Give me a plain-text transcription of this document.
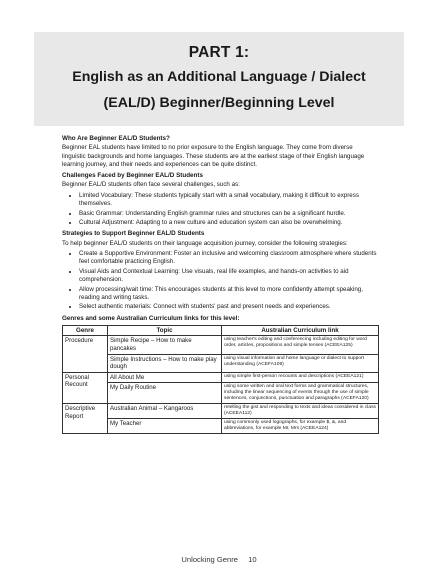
PART 1:
English as an Additional Language / Dialect
(EAL/D) Beginner/Beginning Level
Who Are Beginner EAL/D Students?
Beginner EAL students have limited to no prior exposure to the English language. They come from diverse linguistic backgrounds and home languages. These students are at the earliest stage of their English language learning journey, and their needs and experiences can be quite distinct.
Challenges Faced by Beginner EAL/D Students
Beginner EAL/D students often face several challenges, such as:
• Limited Vocabulary: These students typically start with a small vocabulary, making it difficult to express themselves.
• Basic Grammar: Understanding English grammar rules and structures can be a significant hurdle.
• Cultural Adjustment: Adapting to a new culture and education system can also be overwhelming.
Strategies to Support Beginner EAL/D Students
To help beginner EAL/D students on their language acquisition journey, consider the following strategies:
• Create a Supportive Environment: Foster an inclusive and welcoming classroom atmosphere where students feel comfortable practicing English.
• Visual Aids and Contextual Learning: Use visuals, real life examples, and hands-on activities to aid comprehension.
• Allow processing/wait time: This encourages students at this level to more confidently attempt speaking, reading and writing tasks.
• Select authentic materials: Connect with students' past and present needs and experiences.
Genres and some Australian Curriculum links for this level:
Genre	Topic	Australian Curriculum link
Procedure	Simple Recipe – How to make pancakes	using teacher's editing and conferencing including editing for word order, articles, propositions and simple tenses (ACEEA125)
	Simple Instructions – How to make play dough	using visual information and home language or dialect to support understanding (ACEFA109)
Personal Recount	All About Me	using simple first-person recounts and descriptions (ACEEA121)
	My Daily Routine	using some written and oral text forms and grammatical structures, including the linear sequencing of events through the use of simple sentences, conjunctions, punctuation and paragraphs (ACEFA120)
Descriptive Report	Australian Animal – Kangaroos	retelling the gist and responding to texts and ideas considered in class (ACEEA112)
	My Teacher	using commonly used logographs, for example $, &, and abbreviations, for example Mr, Mrs (ACEEA124)
Unlocking Genre 10
